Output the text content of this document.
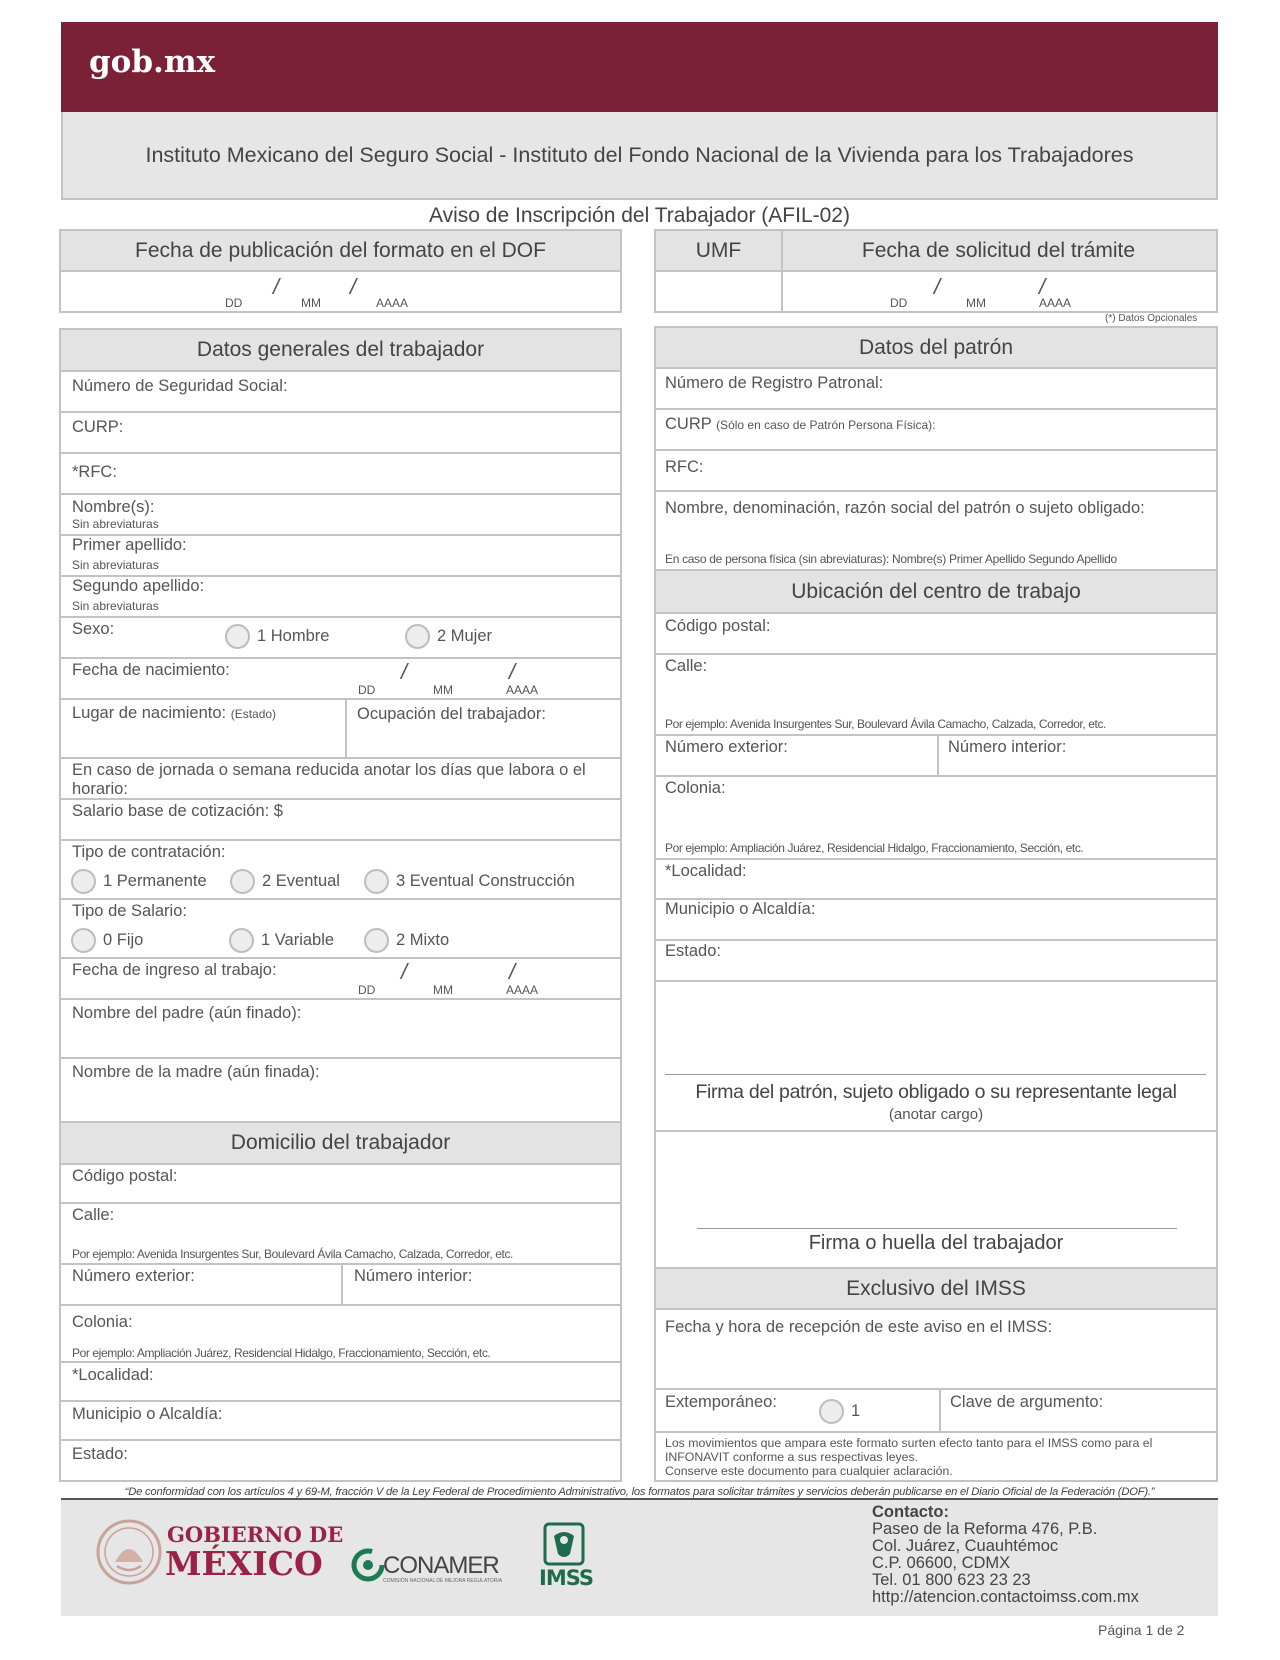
gob.mx
Instituto Mexicano del Seguro Social - Instituto del Fondo Nacional de la Vivienda para los Trabajadores
Aviso de Inscripción del Trabajador (AFIL-02)
Fecha de publicación del formato en el DOF
/	/
DD	MM	AAAA
UMF	Fecha de solicitud del trámite
/	/
DD	MM	AAAA
(*) Datos Opcionales
Datos generales del trabajador
Número de Seguridad Social:
CURP:
*RFC:
Nombre(s):
Sin abreviaturas
Primer apellido:
Sin abreviaturas
Segundo apellido:
Sin abreviaturas
Sexo:	1 Hombre	2 Mujer
Fecha de nacimiento:	/	/
DD	MM	AAAA
Lugar de nacimiento: (Estado)	Ocupación del trabajador:
En caso de jornada o semana reducida anotar los días que labora o el horario:
Salario base de cotización: $
Tipo de contratación:
1 Permanente	2 Eventual	3 Eventual Construcción
Tipo de Salario:
0 Fijo	1 Variable	2 Mixto
Fecha de ingreso al trabajo:	/	/
DD	MM	AAAA
Nombre del padre (aún finado):
Nombre de la madre (aún finada):
Domicilio del trabajador
Código postal:
Calle:
Por ejemplo: Avenida Insurgentes Sur, Boulevard Ávila Camacho, Calzada, Corredor, etc.
Número exterior:	Número interior:
Colonia:
Por ejemplo: Ampliación Juárez, Residencial Hidalgo, Fraccionamiento, Sección, etc.
*Localidad:
Municipio o Alcaldía:
Estado:
Datos del patrón
Número de Registro Patronal:
CURP (Sólo en caso de Patrón Persona Física):
RFC:
Nombre, denominación, razón social del patrón o sujeto obligado:
En caso de persona física (sin abreviaturas): Nombre(s) Primer Apellido Segundo Apellido
Ubicación del centro de trabajo
Código postal:
Calle:
Por ejemplo: Avenida Insurgentes Sur, Boulevard Ávila Camacho, Calzada, Corredor, etc.
Número exterior:	Número interior:
Colonia:
Por ejemplo: Ampliación Juárez, Residencial Hidalgo, Fraccionamiento, Sección, etc.
*Localidad:
Municipio o Alcaldía:
Estado:
Firma del patrón, sujeto obligado o su representante legal
(anotar cargo)
Firma o huella del trabajador
Exclusivo del IMSS
Fecha y hora de recepción de este aviso en el IMSS:
Extemporáneo:	1	Clave de argumento:
Los movimientos que ampara este formato surten efecto tanto para el IMSS como para el INFONAVIT conforme a sus respectivas leyes.
Conserve este documento para cualquier aclaración.
“De conformidad con los artículos 4 y 69-M, fracción V de la Ley Federal de Procedimiento Administrativo, los formatos para solicitar trámites y servicios deberán publicarse en el Diario Oficial de la Federación (DOF).”
GOBIERNO DE
MÉXICO	CONAMER
COMISIÓN NACIONAL DE MEJORA REGULATORIA	IMSS
Contacto:
Paseo de la Reforma 476, P.B.
Col. Juárez, Cuauhtémoc
C.P. 06600, CDMX
Tel. 01 800 623 23 23
http://atencion.contactoimss.com.mx
Página 1 de 2
